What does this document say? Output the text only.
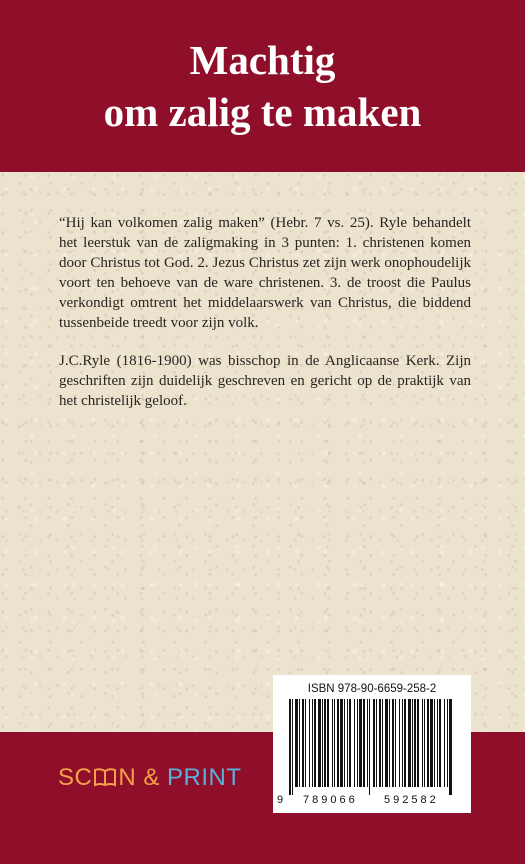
Machtig
om zalig te maken

“Hij kan volkomen zalig maken” (Hebr. 7 vs. 25). Ryle behandelt het leerstuk van de zaligmaking in 3 punten: 1. christenen komen door Christus tot God. 2. Jezus Christus zet zijn werk onophoudelijk voort ten behoeve van de ware christenen. 3. de troost die Paulus verkondigt omtrent het middelaarswerk van Christus, die biddend tussenbeide treedt voor zijn volk.

J.C.Ryle (1816-1900) was bisschop in de Anglicaanse Kerk. Zijn geschriften zijn duidelijk geschreven en gericht op de praktijk van het christelijk geloof.

SC N & PRINT
ISBN 978-90-6659-258-2
9 789066 592582
